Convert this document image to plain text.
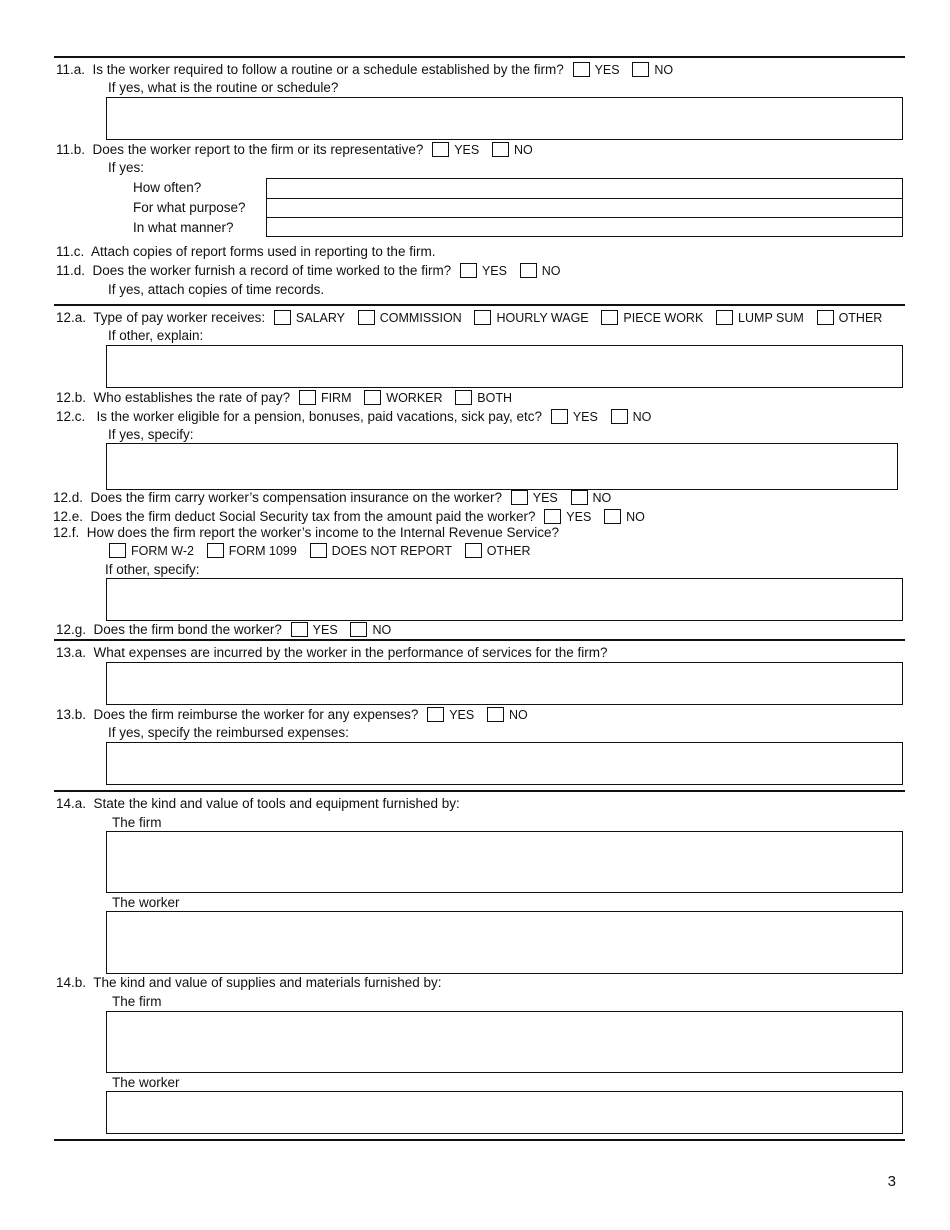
11.a. Is the worker required to follow a routine or a schedule established by the firm? YES	NO
If yes, what is the routine or schedule?
11.b. Does the worker report to the firm or its representative? YES	NO
If yes:
How often?
For what purpose?
In what manner?
11.c. Attach copies of report forms used in reporting to the firm.
11.d. Does the worker furnish a record of time worked to the firm? YES	NO
If yes, attach copies of time records.
12.a. Type of pay worker receives: SALARY	COMMISSION	HOURLY WAGE	PIECE WORK	LUMP SUM	OTHER
If other, explain:
12.b. Who establishes the rate of pay? FIRM	WORKER	BOTH
12.c. Is the worker eligible for a pension, bonuses, paid vacations, sick pay, etc? YES	NO
If yes, specify:
12.d. Does the firm carry worker’s compensation insurance on the worker? YES	NO
12.e. Does the firm deduct Social Security tax from the amount paid the worker? YES	NO
12.f. How does the firm report the worker’s income to the Internal Revenue Service?
FORM W-2	FORM 1099	DOES NOT REPORT	OTHER
If other, specify:
12.g. Does the firm bond the worker? YES	NO
13.a. What expenses are incurred by the worker in the performance of services for the firm?
13.b. Does the firm reimburse the worker for any expenses? YES	NO
If yes, specify the reimbursed expenses:
14.a. State the kind and value of tools and equipment furnished by:
The firm
The worker
14.b. The kind and value of supplies and materials furnished by:
The firm
The worker
3
